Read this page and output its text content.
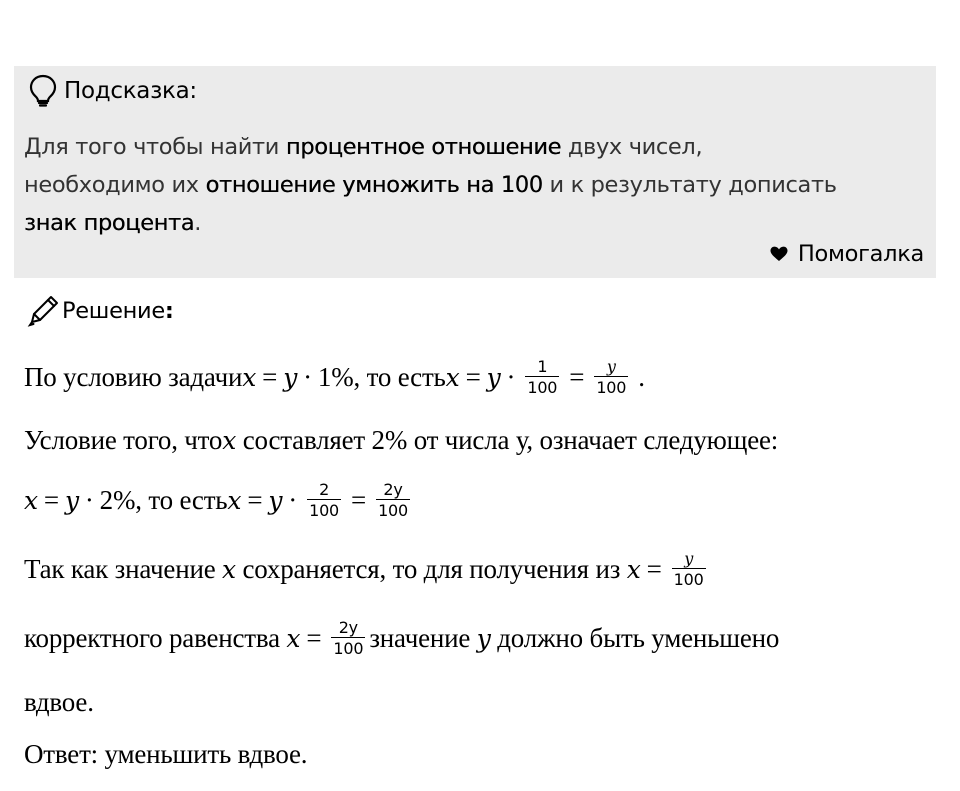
Подсказка:
Для того чтобы найти процентное отношение двух чисел,
необходимо их отношение умножить на 100 и к результату дописать
знак процента.
Помогалка
Решение:
По условию задачи x = y · 1%, то есть $x = y \cdot \frac{1}{100} = \frac{y}{100}$ .
Условие того, что x составляет 2% от числа у, означает следующее:
x = y · 2%, то есть $x = y \cdot \frac{2}{100} = \frac{2y}{100}$
Так как значение x сохраняется, то для получения из $x = \frac{y}{100}$
корректного равенства $x = \frac{2y}{100}$ значение y должно быть уменьшено
вдвое.
Ответ: уменьшить вдвое.
